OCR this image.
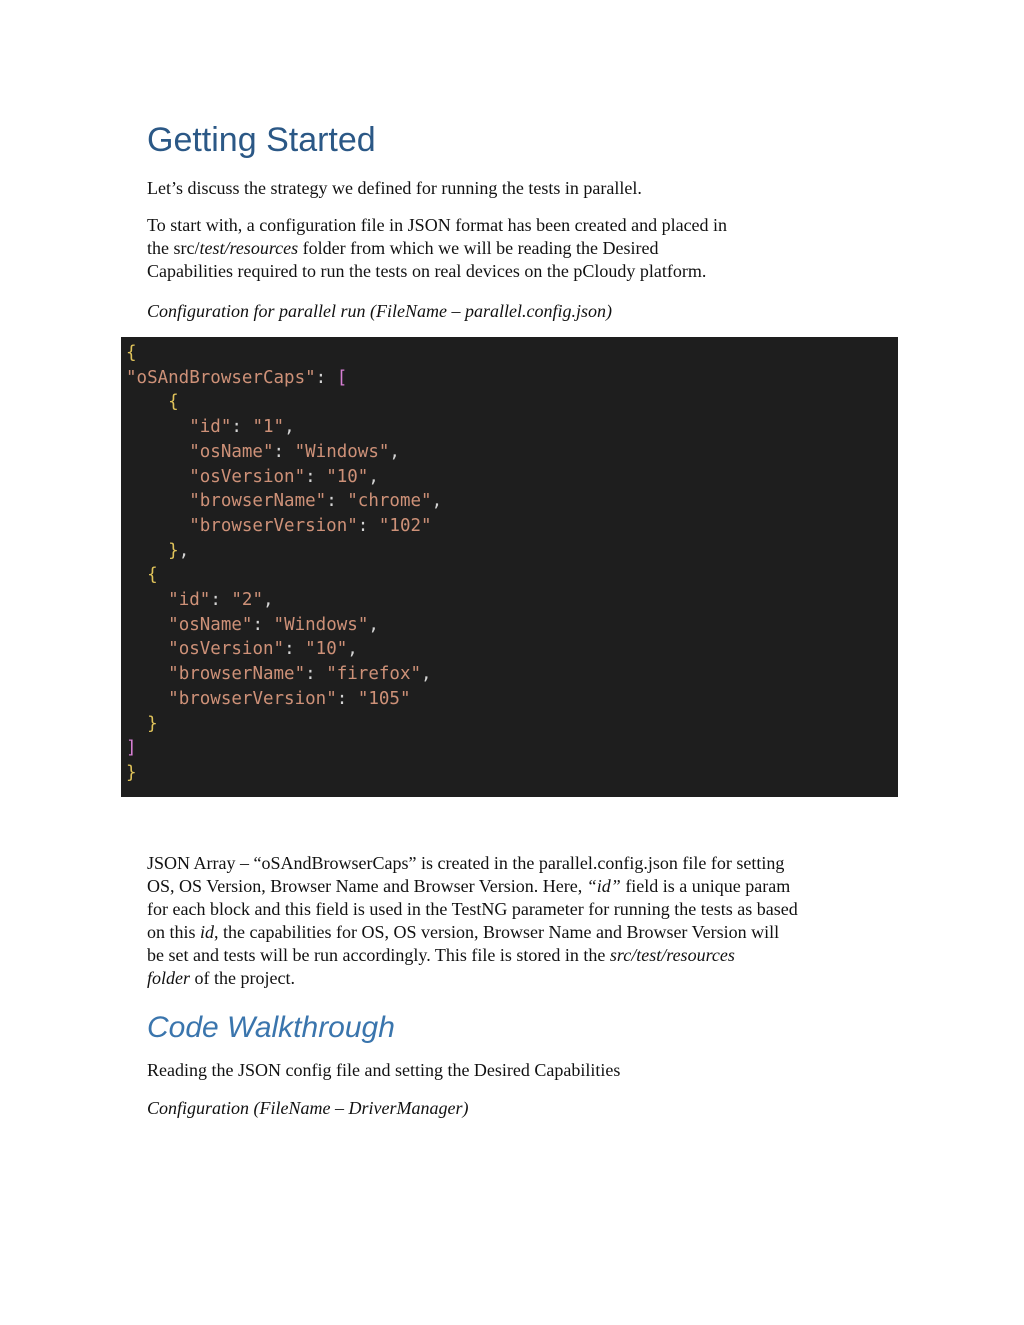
Getting Started

Let’s discuss the strategy we defined for running the tests in parallel.

To start with, a configuration file in JSON format has been created and placed in
the src/test/resources folder from which we will be reading the Desired
Capabilities required to run the tests on real devices on the pCloudy platform.

Configuration for parallel run (FileName – parallel.config.json)

{
"oSAndBrowserCaps": [
{
"id": "1",
"osName": "Windows",
"osVersion": "10",
"browserName": "chrome",
"browserVersion": "102"
},
{
"id": "2",
"osName": "Windows",
"osVersion": "10",
"browserName": "firefox",
"browserVersion": "105"
}
]
}

JSON Array – “oSAndBrowserCaps” is created in the parallel.config.json file for setting
OS, OS Version, Browser Name and Browser Version. Here, “id” field is a unique param
for each block and this field is used in the TestNG parameter for running the tests as based
on this id, the capabilities for OS, OS version, Browser Name and Browser Version will
be set and tests will be run accordingly. This file is stored in the src/test/resources
folder of the project.

Code Walkthrough

Reading the JSON config file and setting the Desired Capabilities

Configuration (FileName – DriverManager)
